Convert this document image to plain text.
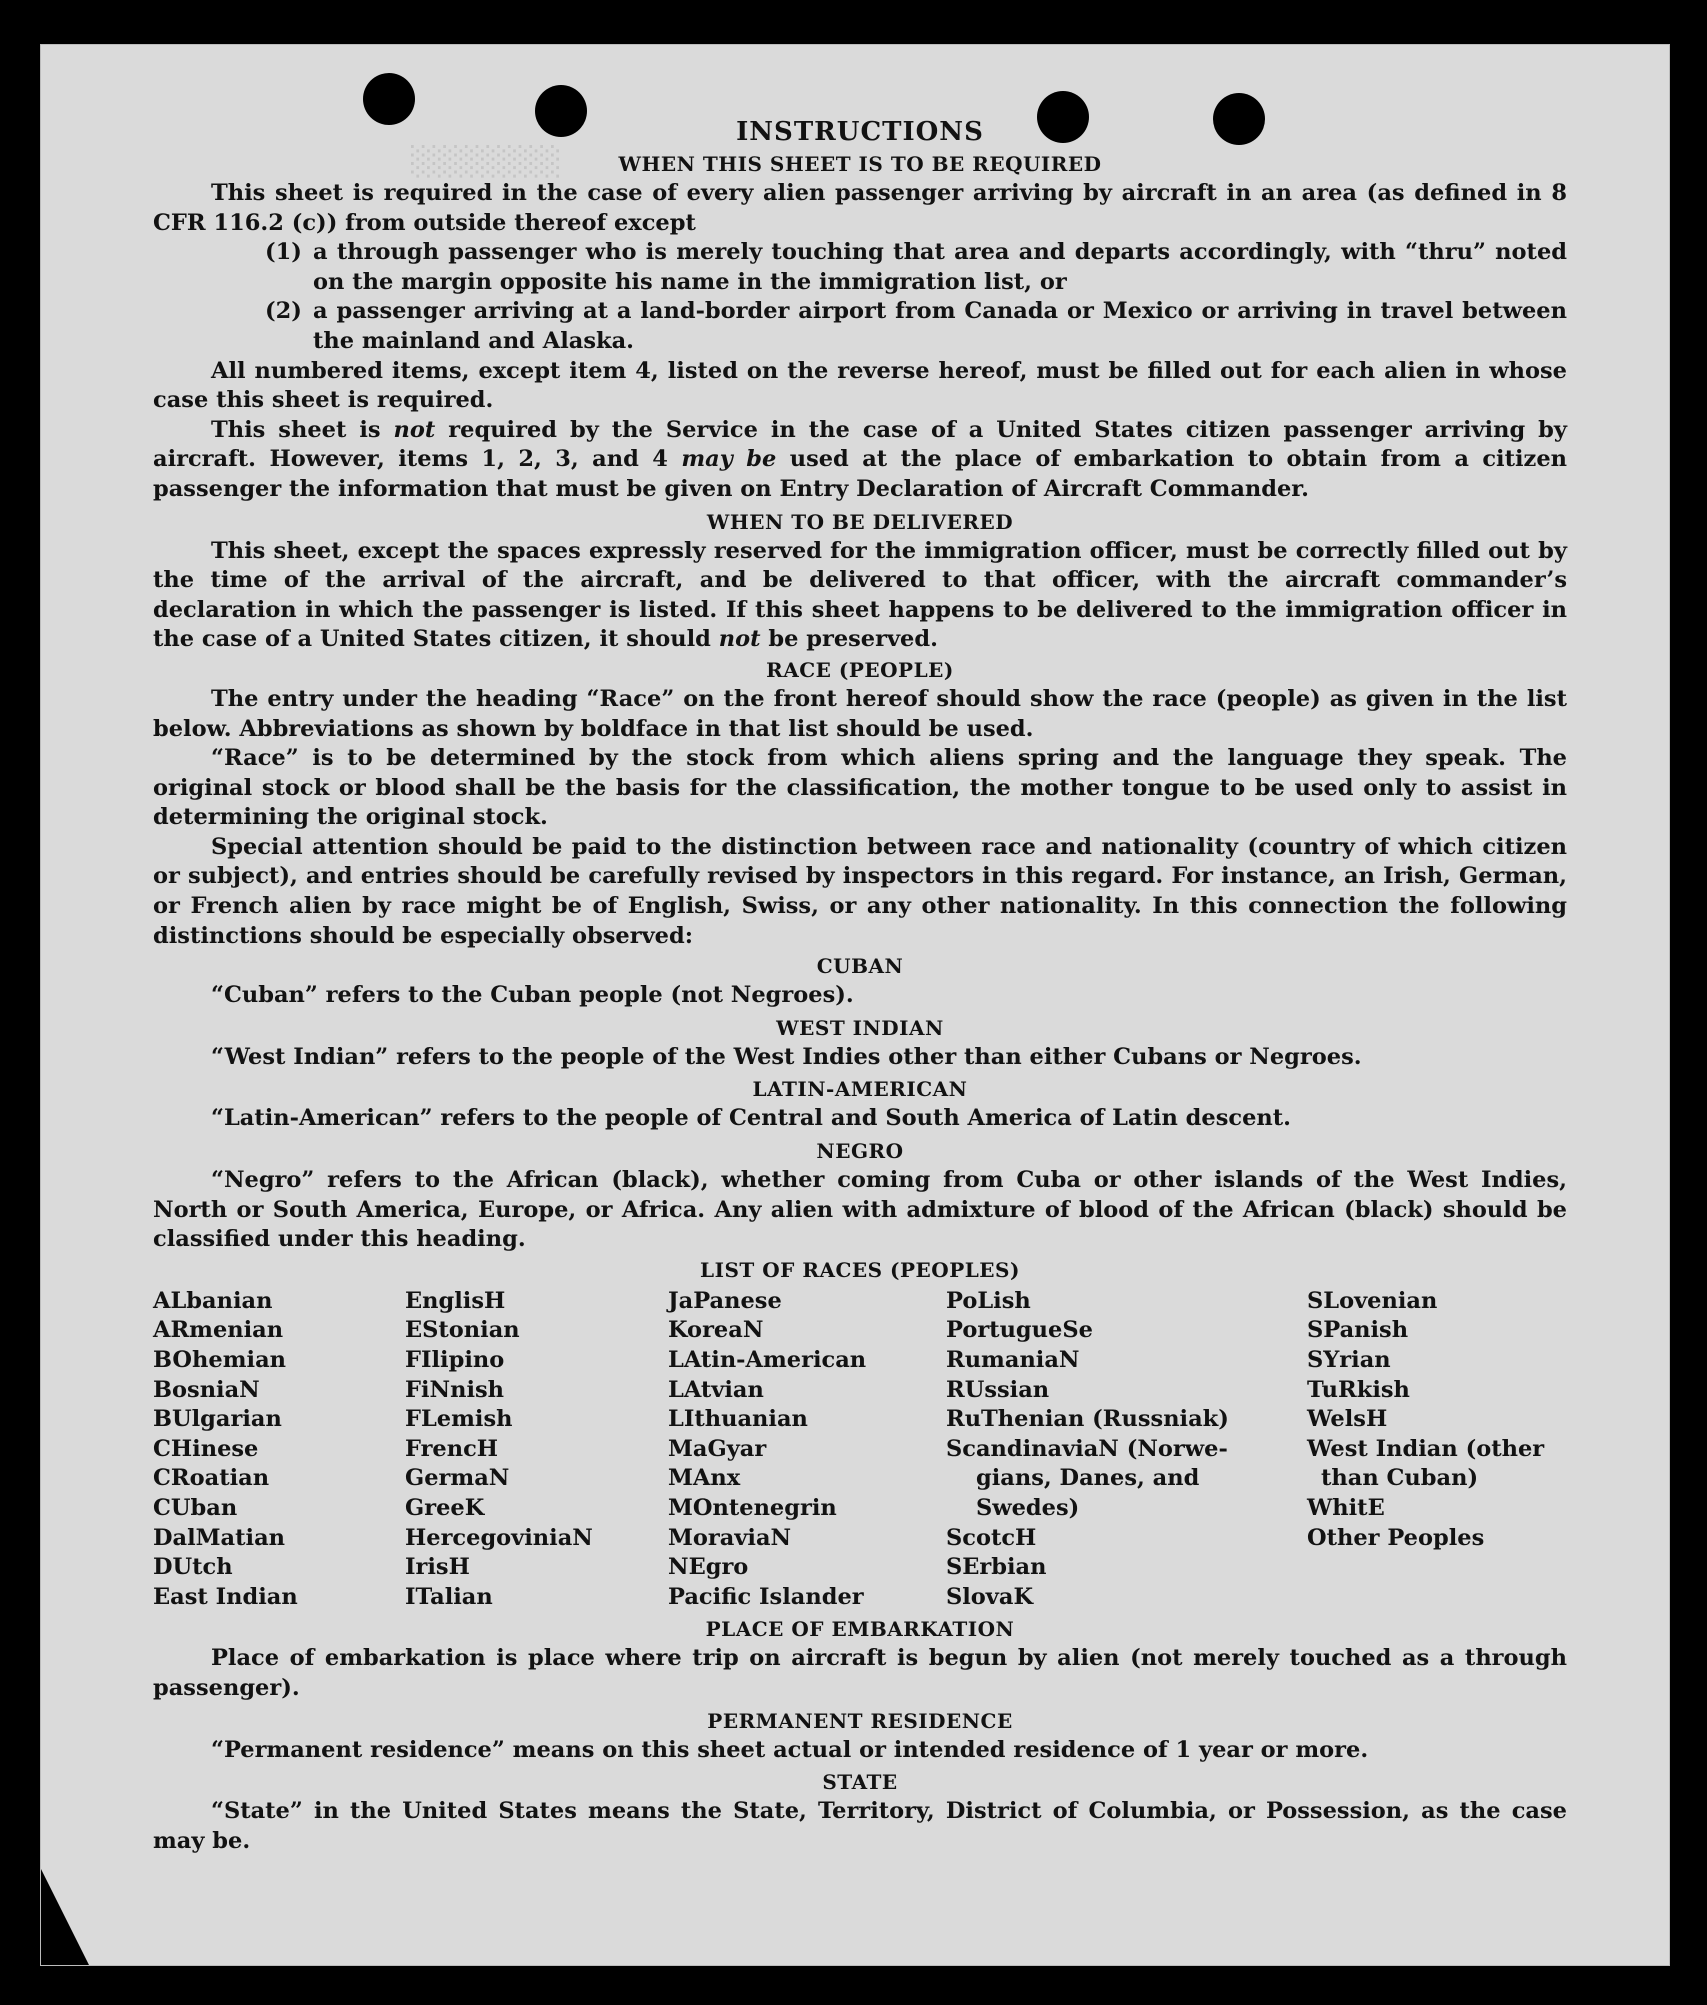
░░░░░░░
INSTRUCTIONS
WHEN THIS SHEET IS TO BE REQUIRED

This sheet is required in the case of every alien passenger arriving by aircraft in an area (as defined in 8 CFR 116.2 (c)) from outside thereof except

(1) a through passenger who is merely touching that area and departs accordingly, with “thru” noted on the margin opposite his name in the immigration list, or
(2) a passenger arriving at a land-border airport from Canada or Mexico or arriving in travel between the mainland and Alaska.

All numbered items, except item 4, listed on the reverse hereof, must be filled out for each alien in whose case this sheet is required.

This sheet is not required by the Service in the case of a United States citizen passenger arriving by aircraft. However, items 1, 2, 3, and 4 may be used at the place of embarkation to obtain from a citizen passenger the information that must be given on Entry Declaration of Aircraft Commander.

WHEN TO BE DELIVERED

This sheet, except the spaces expressly reserved for the immigration officer, must be correctly filled out by the time of the arrival of the aircraft, and be delivered to that officer, with the aircraft commander’s declaration in which the passenger is listed. If this sheet happens to be delivered to the immigration officer in the case of a United States citizen, it should not be preserved.

RACE (PEOPLE)

The entry under the heading “Race” on the front hereof should show the race (people) as given in the list below. Abbreviations as shown by boldface in that list should be used.

“Race” is to be determined by the stock from which aliens spring and the language they speak. The original stock or blood shall be the basis for the classification, the mother tongue to be used only to assist in determining the original stock.

Special attention should be paid to the distinction between race and nationality (country of which citizen or subject), and entries should be carefully revised by inspectors in this regard. For instance, an Irish, German, or French alien by race might be of English, Swiss, or any other nationality. In this connection the following distinctions should be especially observed:

CUBAN

“Cuban” refers to the Cuban people (not Negroes).

WEST INDIAN

“West Indian” refers to the people of the West Indies other than either Cubans or Negroes.

LATIN-AMERICAN

“Latin-American” refers to the people of Central and South America of Latin descent.

NEGRO

“Negro” refers to the African (black), whether coming from Cuba or other islands of the West Indies, North or South America, Europe, or Africa. Any alien with admixture of blood of the African (black) should be classified under this heading.

LIST OF RACES (PEOPLES)
ALbanian
ARmenian
BOhemian
BosniaN
BUlgarian
CHinese
CRoatian
CUban
DalMatian
DUtch
East Indian
EnglisH
EStonian
FIlipino
FiNnish
FLemish
FrencH
GermaN
GreeK
HercegoviniaN
IrisH
ITalian
JaPanese
KoreaN
LAtin-American
LAtvian
LIthuanian
MaGyar
MAnx
MOntenegrin
MoraviaN
NEgro
Pacific Islander
PoLish
PortugueSe
RumaniaN
RUssian
RuThenian (Russniak)
ScandinaviaN (Norwe-
gians, Danes, and
Swedes)
ScotcH
SErbian
SlovaK
SLovenian
SPanish
SYrian
TuRkish
WelsH
West Indian (other
than Cuban)
WhitE
Other Peoples
PLACE OF EMBARKATION

Place of embarkation is place where trip on aircraft is begun by alien (not merely touched as a through passenger).

PERMANENT RESIDENCE

“Permanent residence” means on this sheet actual or intended residence of 1 year or more.

STATE

“State” in the United States means the State, Territory, District of Columbia, or Possession, as the case may be.
